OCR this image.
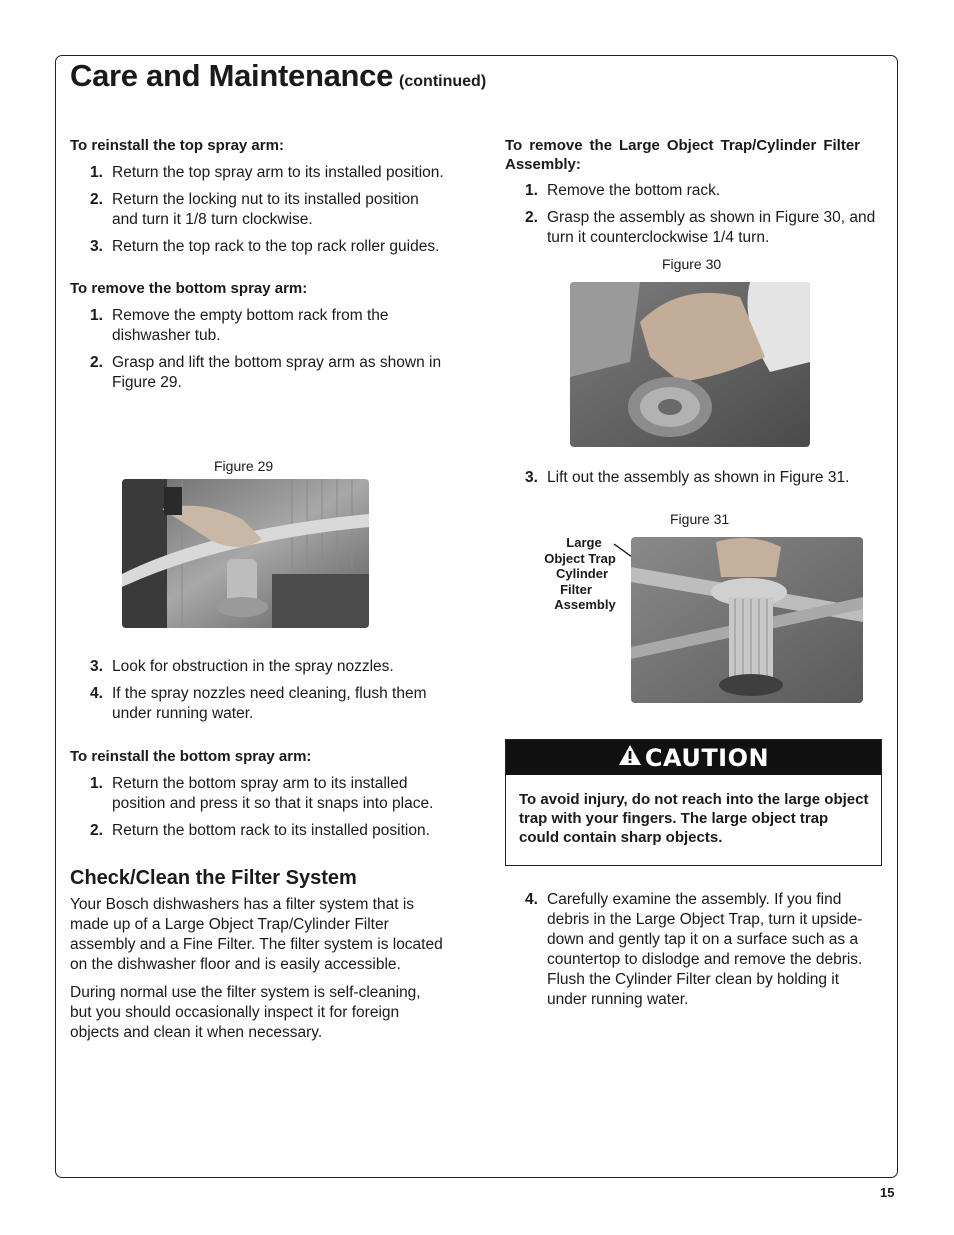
Care and Maintenance (continued)

To reinstall the top spray arm:

1. Return the top spray arm to its installed position.
2. Return the locking nut to its installed position and turn it 1/8 turn clockwise.
3. Return the top rack to the top rack roller guides.

To remove the bottom spray arm:

1. Remove the empty bottom rack from the dishwasher tub.
2. Grasp and lift the bottom spray arm as shown in Figure 29.
Figure 29
3. Look for obstruction in the spray nozzles.
4. If the spray nozzles need cleaning, flush them under running water.

To reinstall the bottom spray arm:

1. Return the bottom spray arm to its installed position and press it so that it snaps into place.
2. Return the bottom rack to its installed position.

Check/Clean the Filter System

Your Bosch dishwashers has a filter system that is made up of a Large Object Trap/Cylinder Filter assembly and a Fine Filter. The filter system is located on the dishwasher floor and is easily accessible.

During normal use the filter system is self-cleaning, but you should occasionally inspect it for foreign objects and clean it when necessary.

To remove the Large Object Trap/Cylinder Filter Assembly:

1. Remove the bottom rack.
2. Grasp the assembly as shown in Figure 30, and turn it counterclockwise 1/4 turn.
Figure 30
3. Lift out the assembly as shown in Figure 31.
Figure 31
Large
Object Trap
Cylinder
Filter
Assembly
CAUTION
To avoid injury, do not reach into the large object trap with your fingers. The large object trap could contain sharp objects.
4. Carefully examine the assembly. If you find debris in the Large Object Trap, turn it upside-down and gently tap it on a surface such as a countertop to dislodge and remove the debris. Flush the Cylinder Filter clean by holding it under running water.
15
